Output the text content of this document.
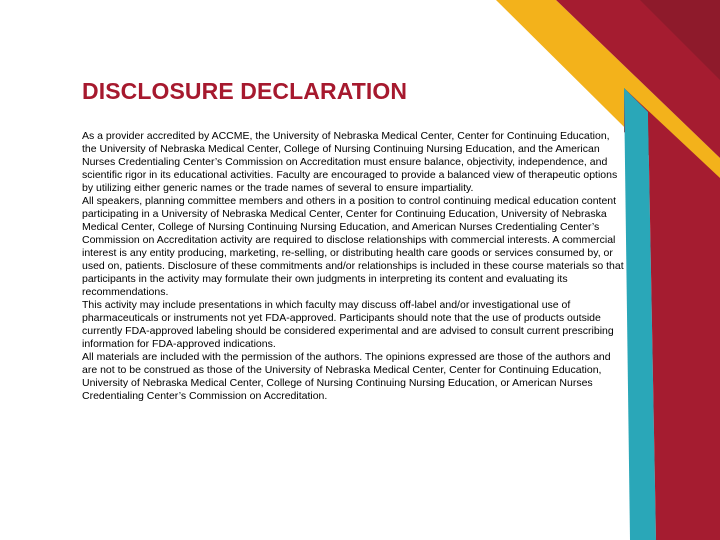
DISCLOSURE DECLARATION

As a provider accredited by ACCME, the University of Nebraska Medical Center, Center for Continuing Education, the University of Nebraska Medical Center, College of Nursing Continuing Nursing Education, and the American Nurses Credentialing Center’s Commission on Accreditation must ensure balance, objectivity, independence, and scientific rigor in its educational activities. Faculty are encouraged to provide a balanced view of therapeutic options by utilizing either generic names or the trade names of several to ensure impartiality.

All speakers, planning committee members and others in a position to control continuing medical education content participating in a University of Nebraska Medical Center, Center for Continuing Education, University of Nebraska Medical Center, College of Nursing Continuing Nursing Education, and American Nurses Credentialing Center’s Commission on Accreditation activity are required to disclose relationships with commercial interests. A commercial interest is any entity producing, marketing, re-selling, or distributing health care goods or services consumed by, or used on, patients. Disclosure of these commitments and/or relationships is included in these course materials so that participants in the activity may formulate their own judgments in interpreting its content and evaluating its recommendations.

This activity may include presentations in which faculty may discuss off-label and/or investigational use of pharmaceuticals or instruments not yet FDA-approved. Participants should note that the use of products outside currently FDA-approved labeling should be considered experimental and are advised to consult current prescribing information for FDA-approved indications.

All materials are included with the permission of the authors. The opinions expressed are those of the authors and are not to be construed as those of the University of Nebraska Medical Center, Center for Continuing Education, University of Nebraska Medical Center, College of Nursing Continuing Nursing Education, or American Nurses Credentialing Center’s Commission on Accreditation.
